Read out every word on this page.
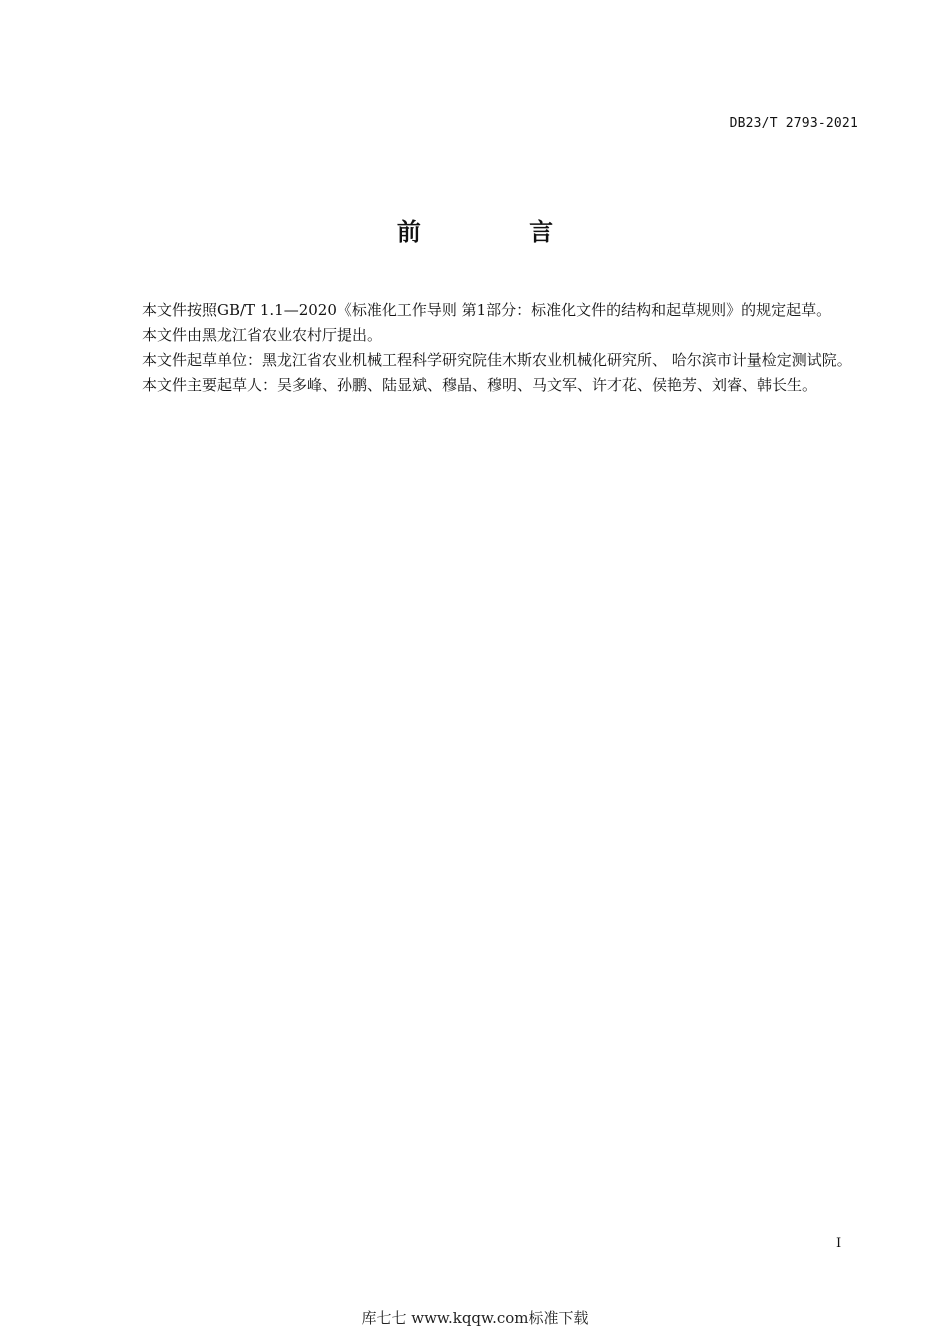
DB23/T 2793-2021
前 言

本文件按照GB/T 1.1—2020《标准化工作导则 第1部分：标准化文件的结构和起草规则》的规定起草。

本文件由黑龙江省农业农村厅提出。

本文件起草单位：黑龙江省农业机械工程科学研究院佳木斯农业机械化研究所、 哈尔滨市计量检定测试院。

本文件主要起草人：吴多峰、孙鹏、陆显斌、穆晶、穆明、马文军、许才花、侯艳芳、刘睿、韩长生。

I
库七七 www.kqqw.com标准下载
